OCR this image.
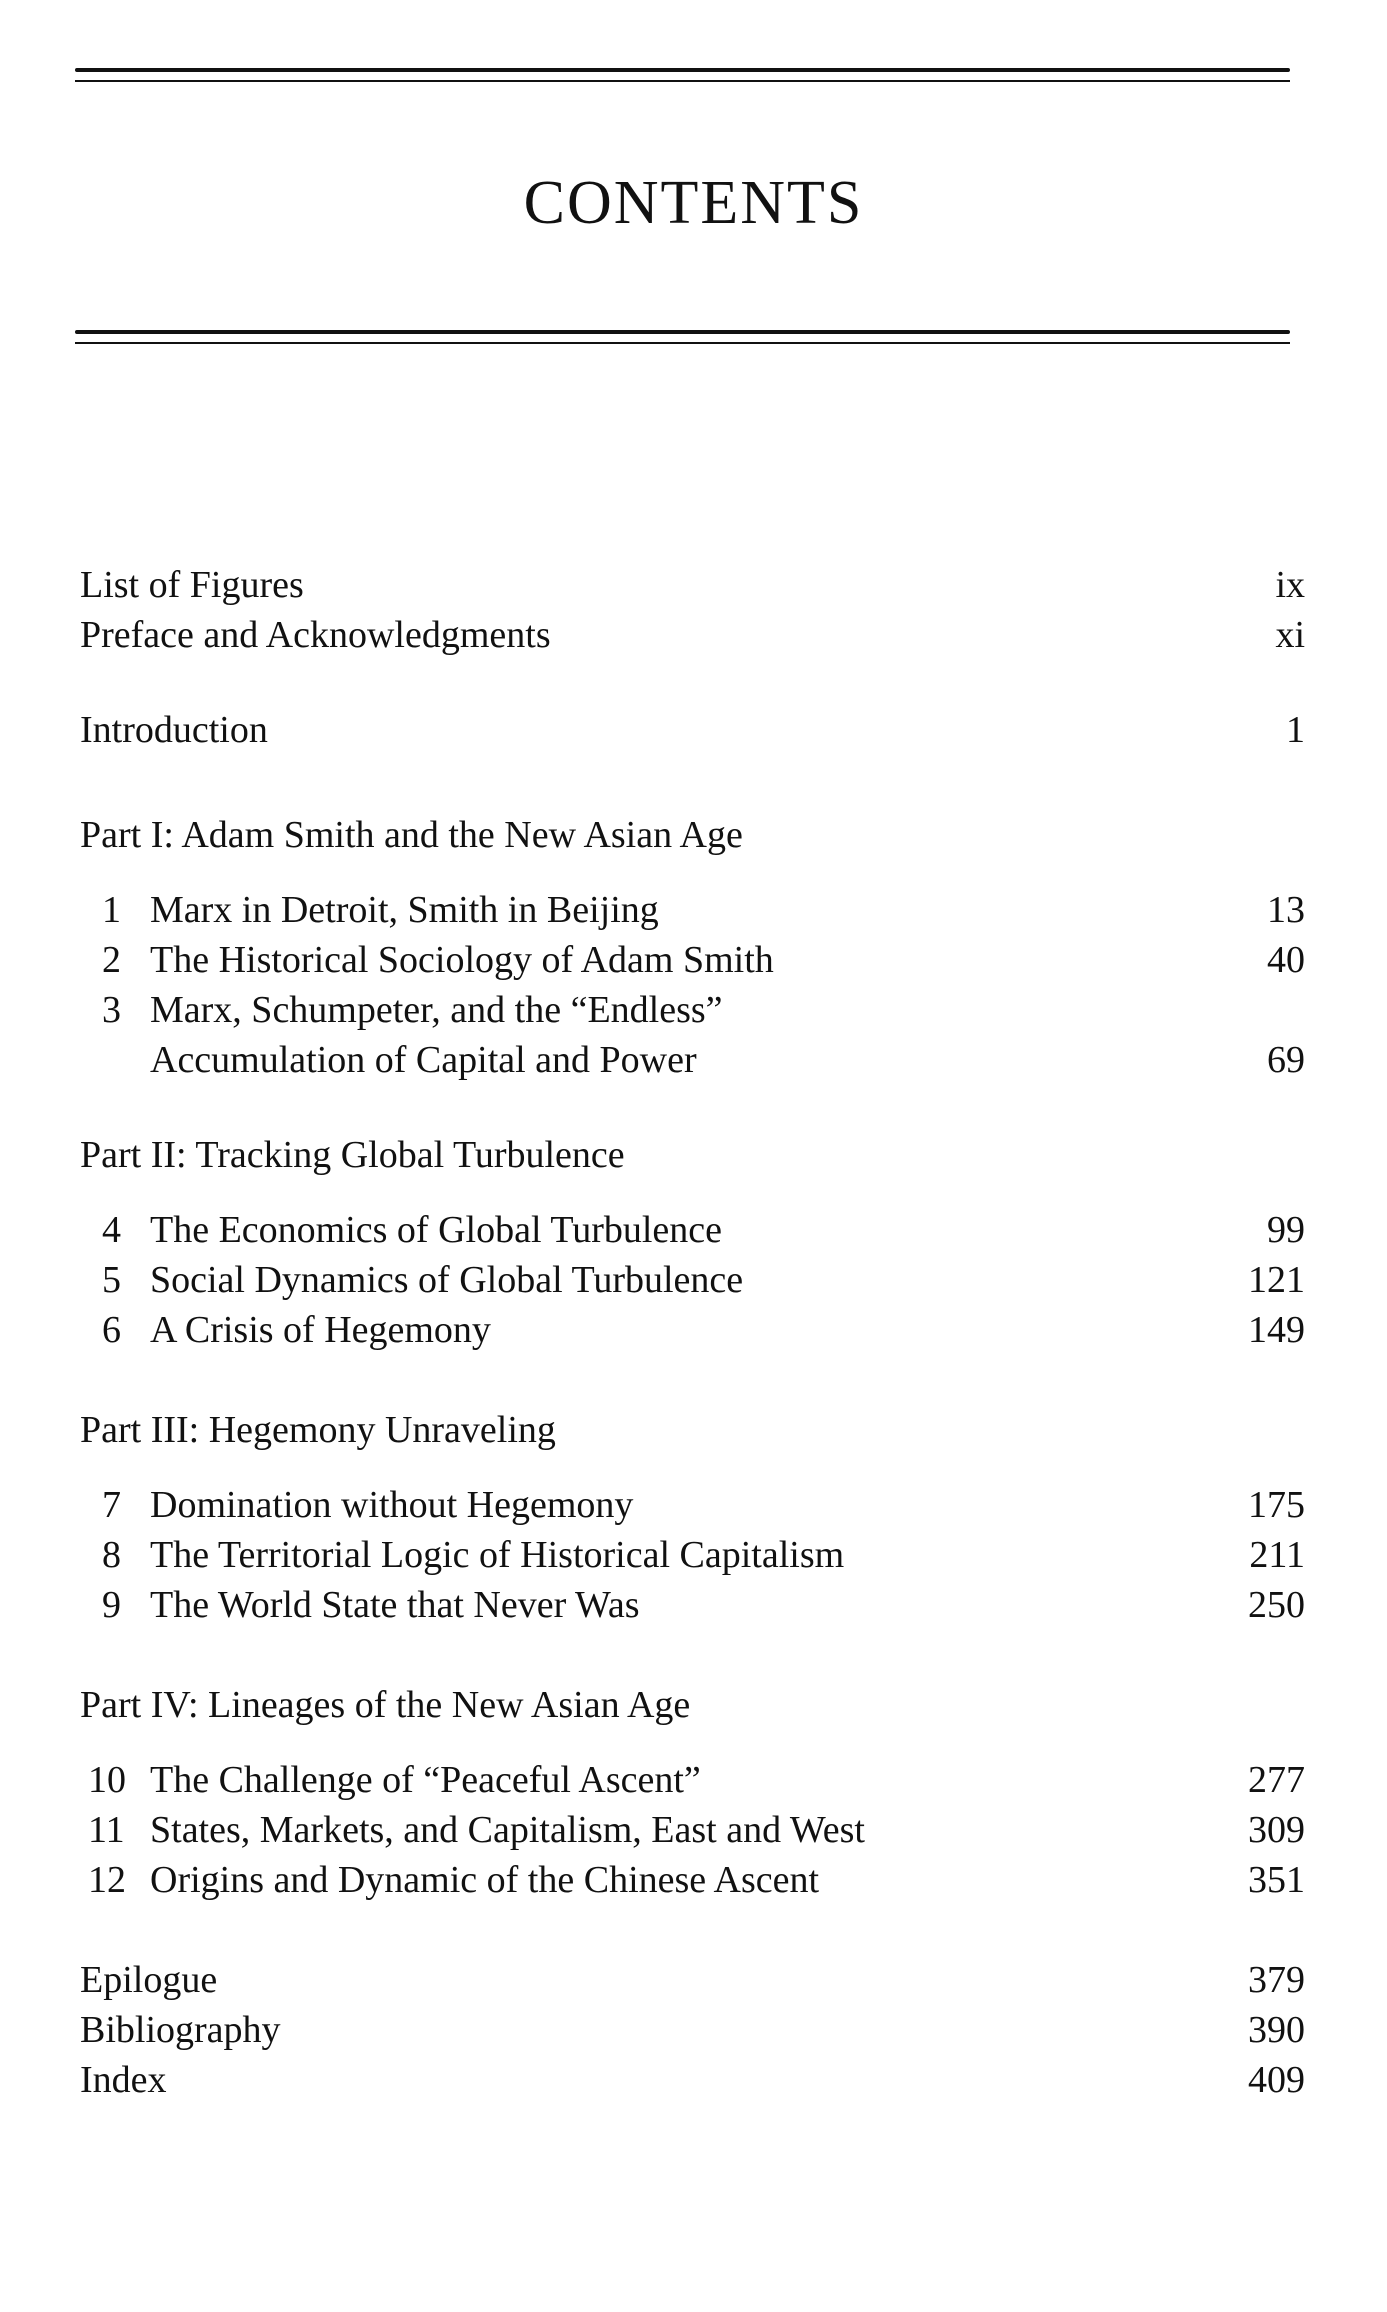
CONTENTS
List of Figures	ix
Preface and Acknowledgments	xi
Introduction	1
Part I: Adam Smith and the New Asian Age
1 Marx in Detroit, Smith in Beijing	13
2 The Historical Sociology of Adam Smith	40
3 Marx, Schumpeter, and the “Endless”
Accumulation of Capital and Power	69
Part II: Tracking Global Turbulence
4 The Economics of Global Turbulence	99
5 Social Dynamics of Global Turbulence	121
6 A Crisis of Hegemony	149
Part III: Hegemony Unraveling
7 Domination without Hegemony	175
8 The Territorial Logic of Historical Capitalism	211
9 The World State that Never Was	250
Part IV: Lineages of the New Asian Age
10 The Challenge of “Peaceful Ascent”	277
11 States, Markets, and Capitalism, East and West	309
12 Origins and Dynamic of the Chinese Ascent	351
Epilogue	379
Bibliography	390
Index	409
